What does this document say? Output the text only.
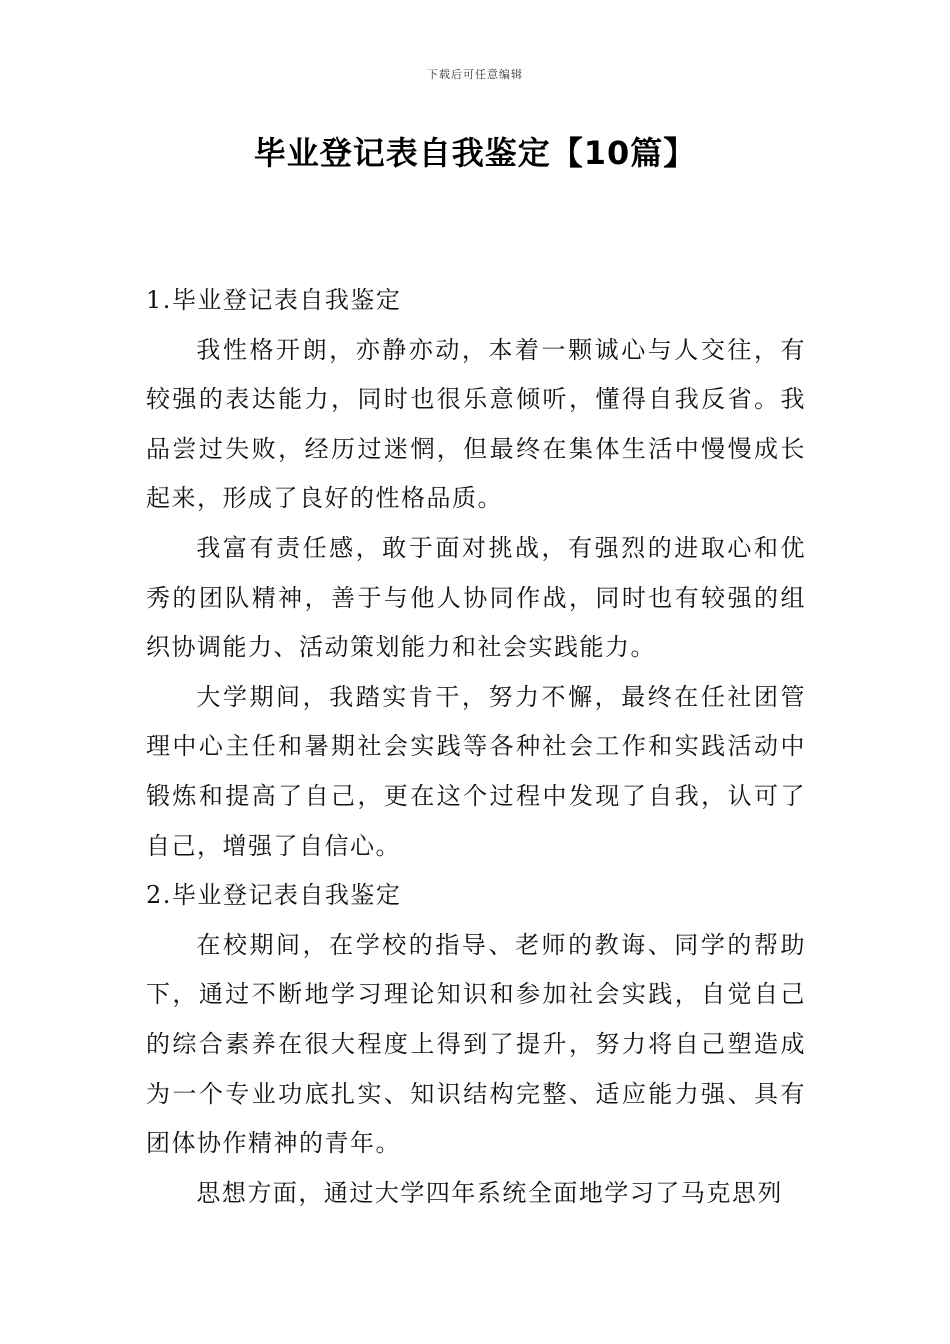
下载后可任意编辑
毕业登记表自我鉴定【10篇】

1.毕业登记表自我鉴定

我性格开朗，亦静亦动，本着一颗诚心与人交往，有较强的表达能力，同时也很乐意倾听，懂得自我反省。我品尝过失败，经历过迷惘，但最终在集体生活中慢慢成长起来，形成了良好的性格品质。

我富有责任感，敢于面对挑战，有强烈的进取心和优秀的团队精神，善于与他人协同作战，同时也有较强的组织协调能力、活动策划能力和社会实践能力。

大学期间，我踏实肯干，努力不懈，最终在任社团管理中心主任和暑期社会实践等各种社会工作和实践活动中锻炼和提高了自己，更在这个过程中发现了自我，认可了自己，增强了自信心。

2.毕业登记表自我鉴定

在校期间，在学校的指导、老师的教诲、同学的帮助下，通过不断地学习理论知识和参加社会实践，自觉自己的综合素养在很大程度上得到了提升，努力将自己塑造成为一个专业功底扎实、知识结构完整、适应能力强、具有团体协作精神的青年。

思想方面，通过大学四年系统全面地学习了马克思列
